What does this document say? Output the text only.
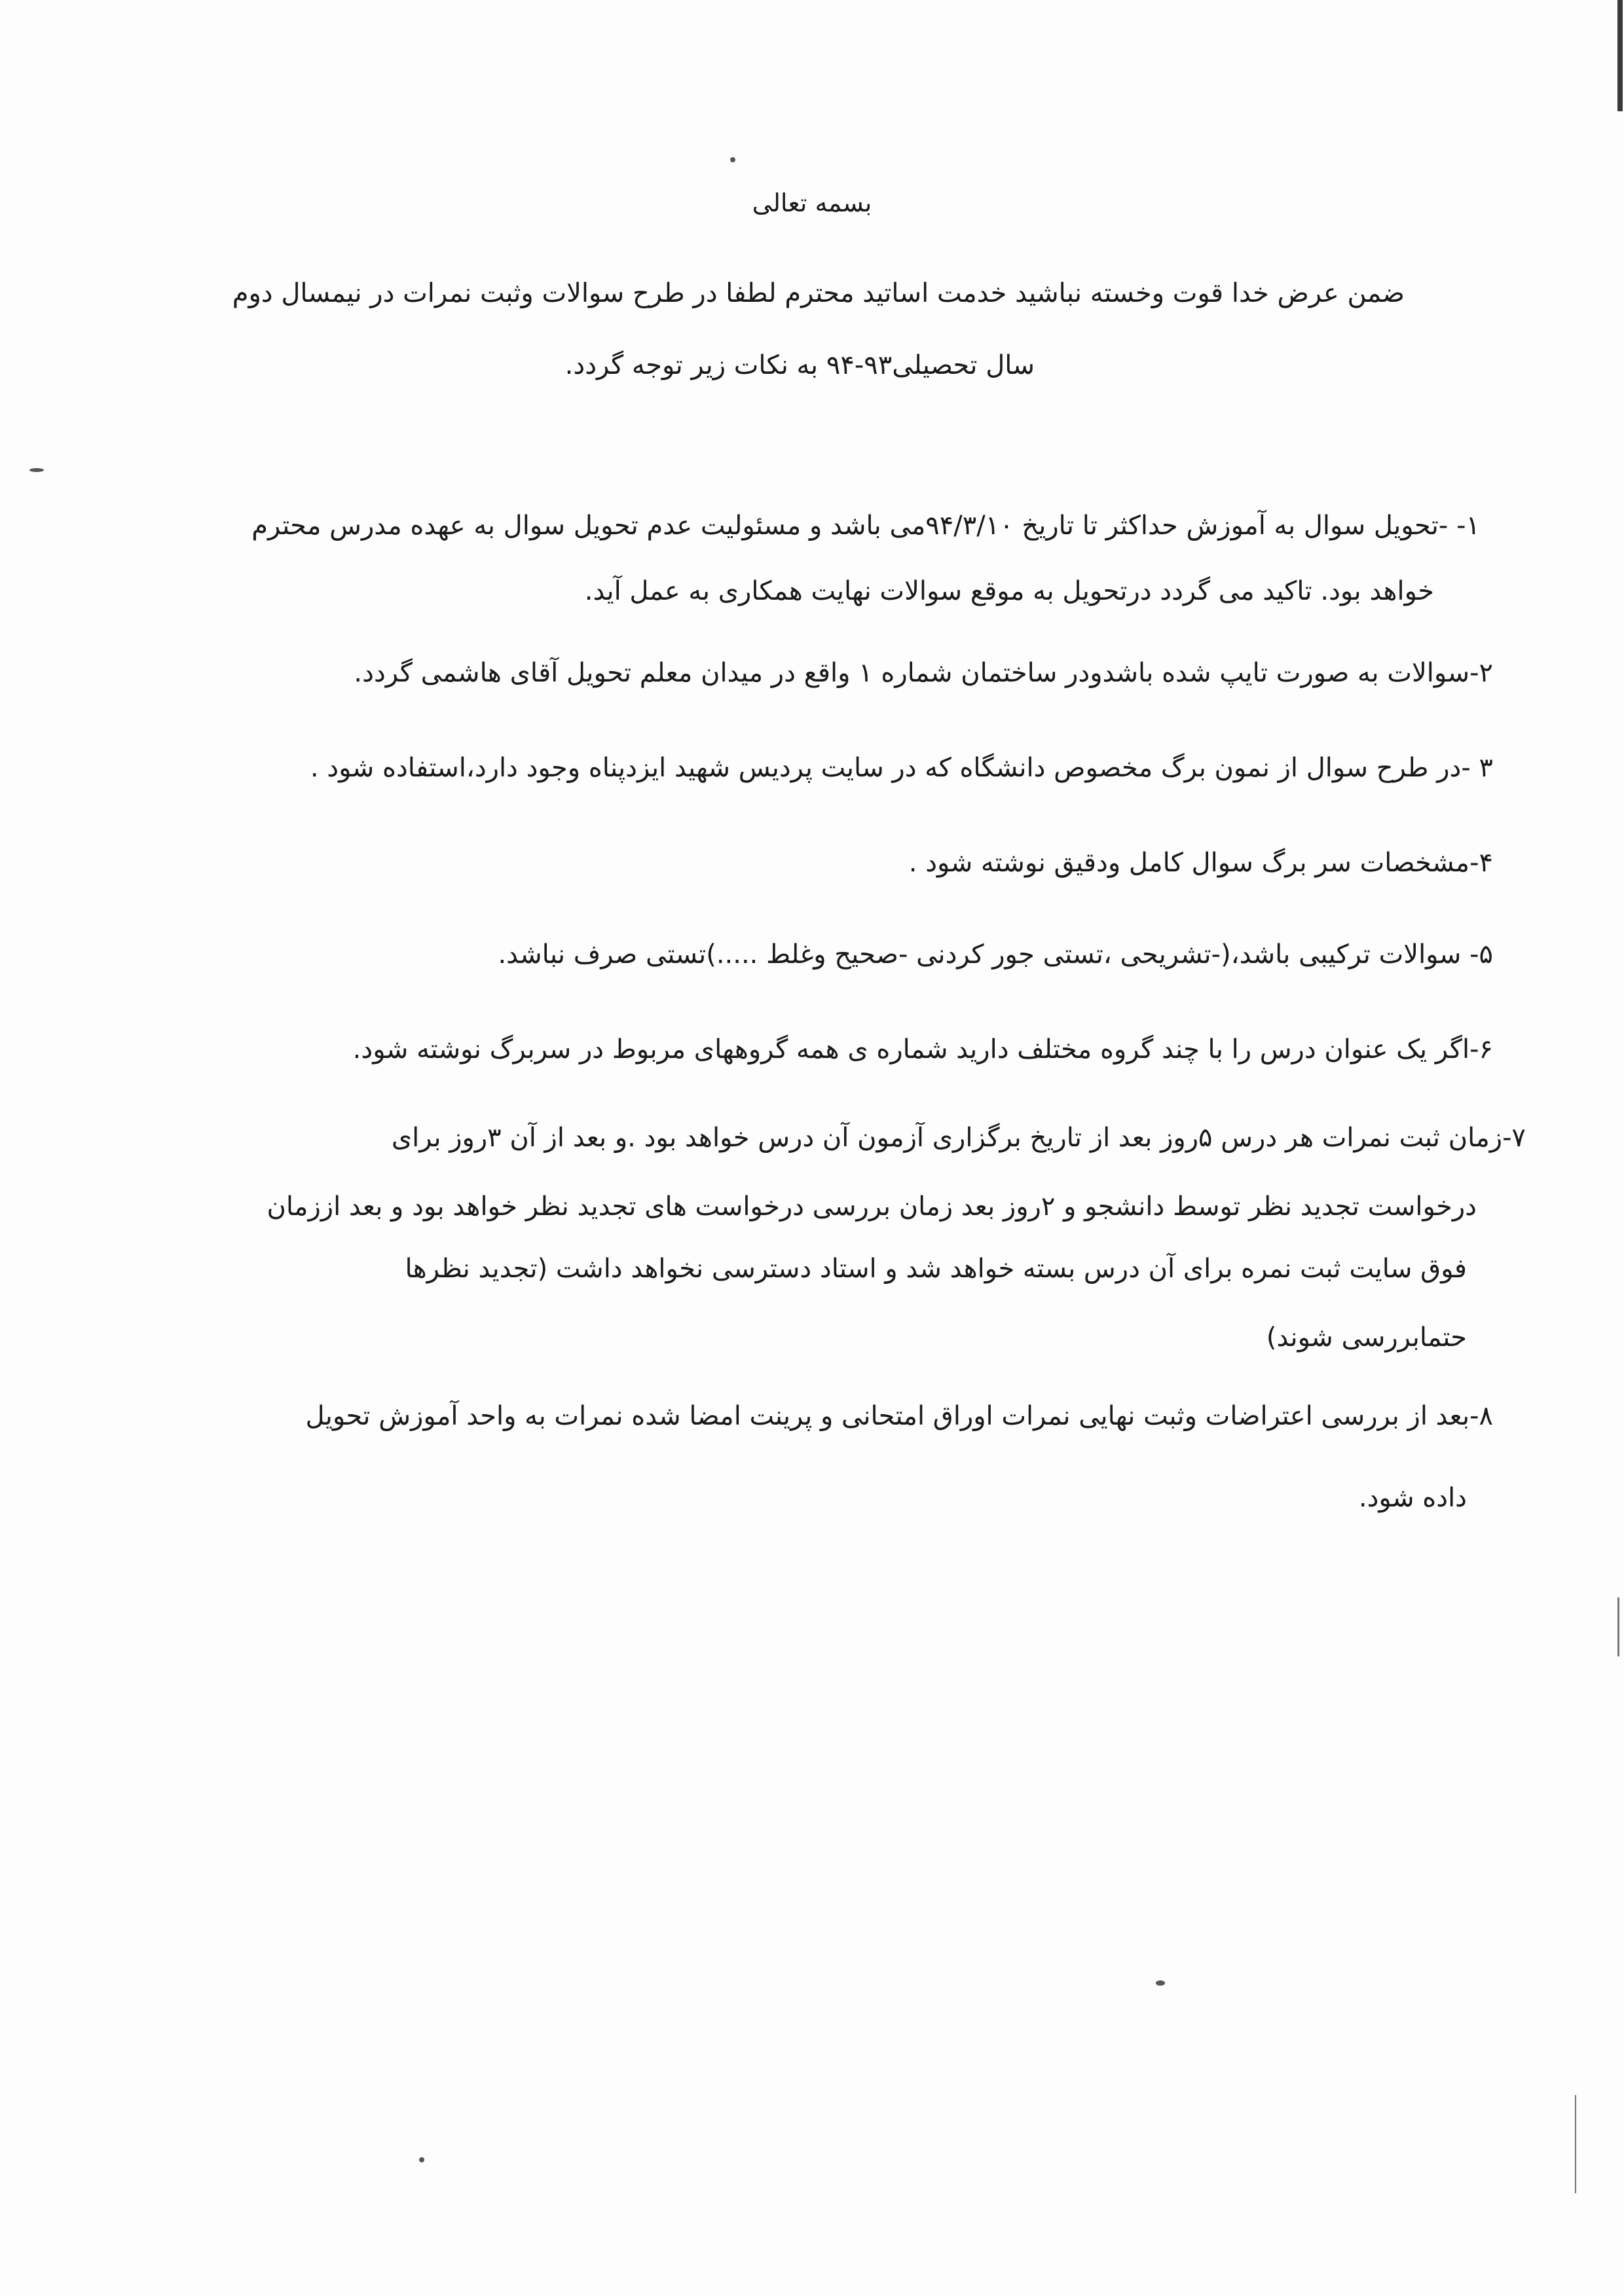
بسمه تعالی
ضمن عرض خدا قوت وخسته نباشید خدمت اساتید محترم لطفا در طرح سوالات وثبت نمرات در نیمسال دوم
سال تحصیلی۹۳-۹۴ به نکات زیر توجه گردد.
۱- -تحویل سوال به آموزش حداکثر تا تاریخ ۹۴/۳/۱۰می باشد و مسئولیت عدم تحویل سوال به عهده مدرس محترم
خواهد بود. تاکید می گردد درتحویل به موقع سوالات نهایت همکاری به عمل آید.
۲-سوالات به صورت تایپ شده باشدودر ساختمان شماره ۱ واقع در میدان معلم تحویل آقای هاشمی گردد.
۳ -در طرح سوال از نمون برگ مخصوص دانشگاه که در سایت پردیس شهید ایزدپناه وجود دارد،استفاده شود .
۴-مشخصات سر برگ سوال کامل ودقیق نوشته شود .
۵- سوالات ترکیبی باشد،(-تشریحی ،تستی جور کردنی -صحیح وغلط .....)تستی صرف نباشد.
۶-اگر یک عنوان درس را با چند گروه مختلف دارید شماره ی همه گروههای مربوط در سربرگ نوشته شود.
۷-زمان ثبت نمرات هر درس ۵روز بعد از تاریخ برگزاری آزمون آن درس خواهد بود .و بعد از آن ۳روز برای
درخواست تجدید نظر توسط دانشجو و ۲روز بعد زمان بررسی درخواست های تجدید نظر خواهد بود و بعد اززمان
فوق سایت ثبت نمره برای آن درس بسته خواهد شد و استاد دسترسی نخواهد داشت (تجدید نظرها
حتمابررسی شوند)
۸-بعد از بررسی اعتراضات وثبت نهایی نمرات اوراق امتحانی و پرینت امضا شده نمرات به واحد آموزش تحویل
داده شود.
